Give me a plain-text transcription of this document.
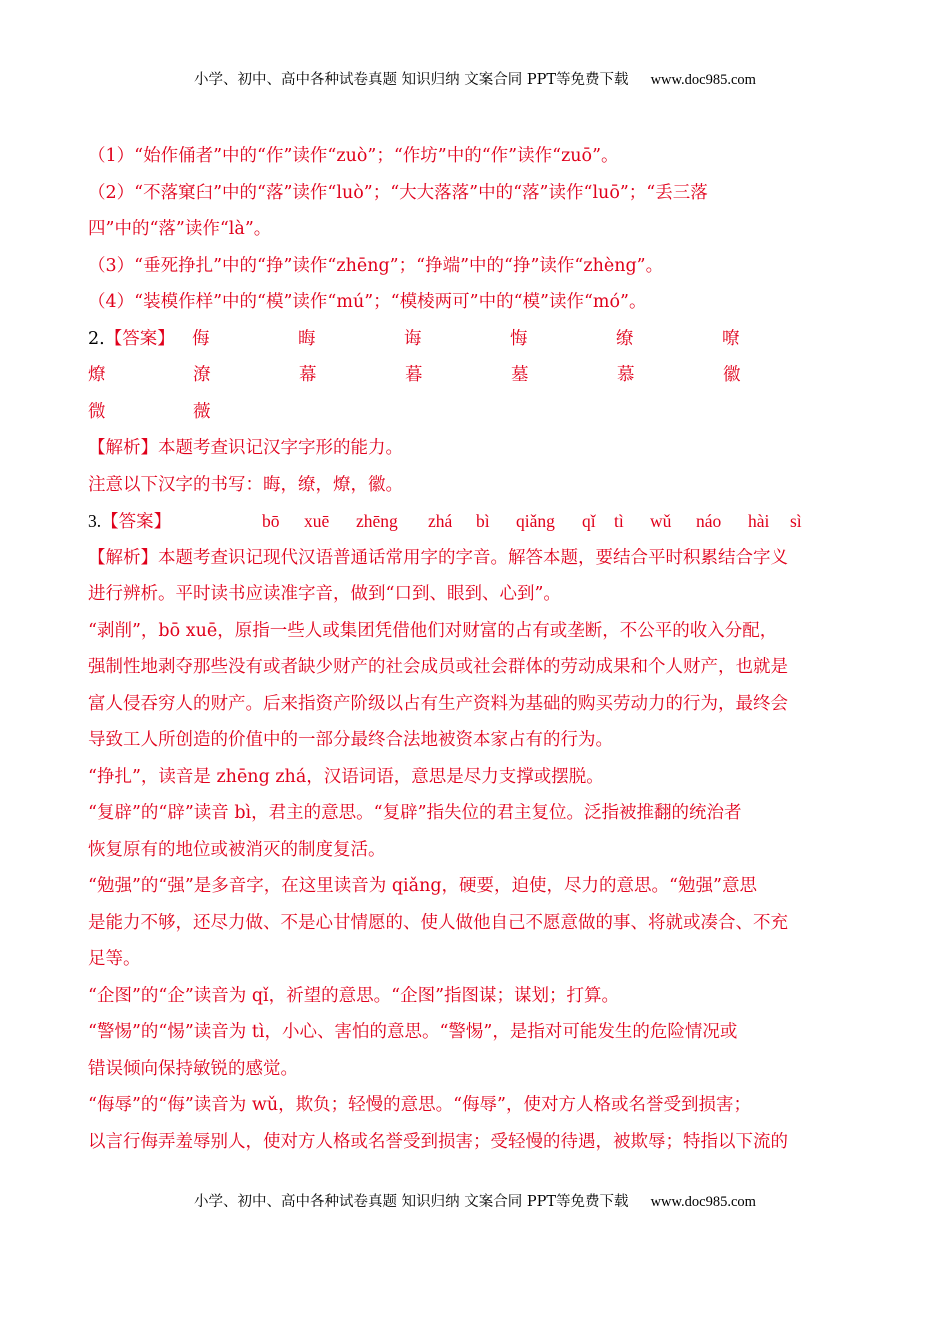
小学、初中、高中各种试卷真题 知识归纳 文案合同 PPT等免费下载 www.doc985.com
（1）“始作俑者”中的“作”读作“zuò”；“作坊”中的“作”读作“zuō”。
（2）“不落窠臼”中的“落”读作“luò”；“大大落落”中的“落”读作“luō”；“丢三落
四”中的“落”读作“là”。
（3）“垂死挣扎”中的“挣”读作“zhēng”；“挣端”中的“挣”读作“zhèng”。
（4）“装模作样”中的“模”读作“mú”；“模棱两可”中的“模”读作“mó”。
2.【答案】 侮	晦	诲	悔	缭	嘹
燎	潦	幕	暮	墓	慕	徽
微	薇
【解析】本题考查识记汉字字形的能力。
注意以下汉字的书写：晦，缭，燎，徽。
3.【答案】	bō	xuē	zhēng	zhá	bì	qiǎng	qǐ	tì	wǔ	náo	hài	sì
【解析】本题考查识记现代汉语普通话常用字的字音。解答本题，要结合平时积累结合字义
进行辨析。平时读书应读准字音，做到“口到、眼到、心到”。
“剥削”，bō xuē，原指一些人或集团凭借他们对财富的占有或垄断，不公平的收入分配，
强制性地剥夺那些没有或者缺少财产的社会成员或社会群体的劳动成果和个人财产，也就是
富人侵吞穷人的财产。后来指资产阶级以占有生产资料为基础的购买劳动力的行为，最终会
导致工人所创造的价值中的一部分最终合法地被资本家占有的行为。
“挣扎”，读音是 zhēng zhá，汉语词语，意思是尽力支撑或摆脱。
“复辟”的“辟”读音 bì，君主的意思。“复辟”指失位的君主复位。泛指被推翻的统治者
恢复原有的地位或被消灭的制度复活。
“勉强”的“强”是多音字，在这里读音为 qiǎng，硬要，迫使，尽力的意思。“勉强”意思
是能力不够，还尽力做、不是心甘情愿的、使人做他自己不愿意做的事、将就或凑合、不充
足等。
“企图”的“企”读音为 qǐ，祈望的意思。“企图”指图谋；谋划；打算。
“警惕”的“惕”读音为 tì，小心、害怕的意思。“警惕”，是指对可能发生的危险情况或
错误倾向保持敏锐的感觉。
“侮辱”的“侮”读音为 wǔ，欺负；轻慢的意思。“侮辱”，使对方人格或名誉受到损害；
以言行侮弄羞辱别人，使对方人格或名誉受到损害；受轻慢的待遇，被欺辱；特指以下流的
小学、初中、高中各种试卷真题 知识归纳 文案合同 PPT等免费下载 www.doc985.com
